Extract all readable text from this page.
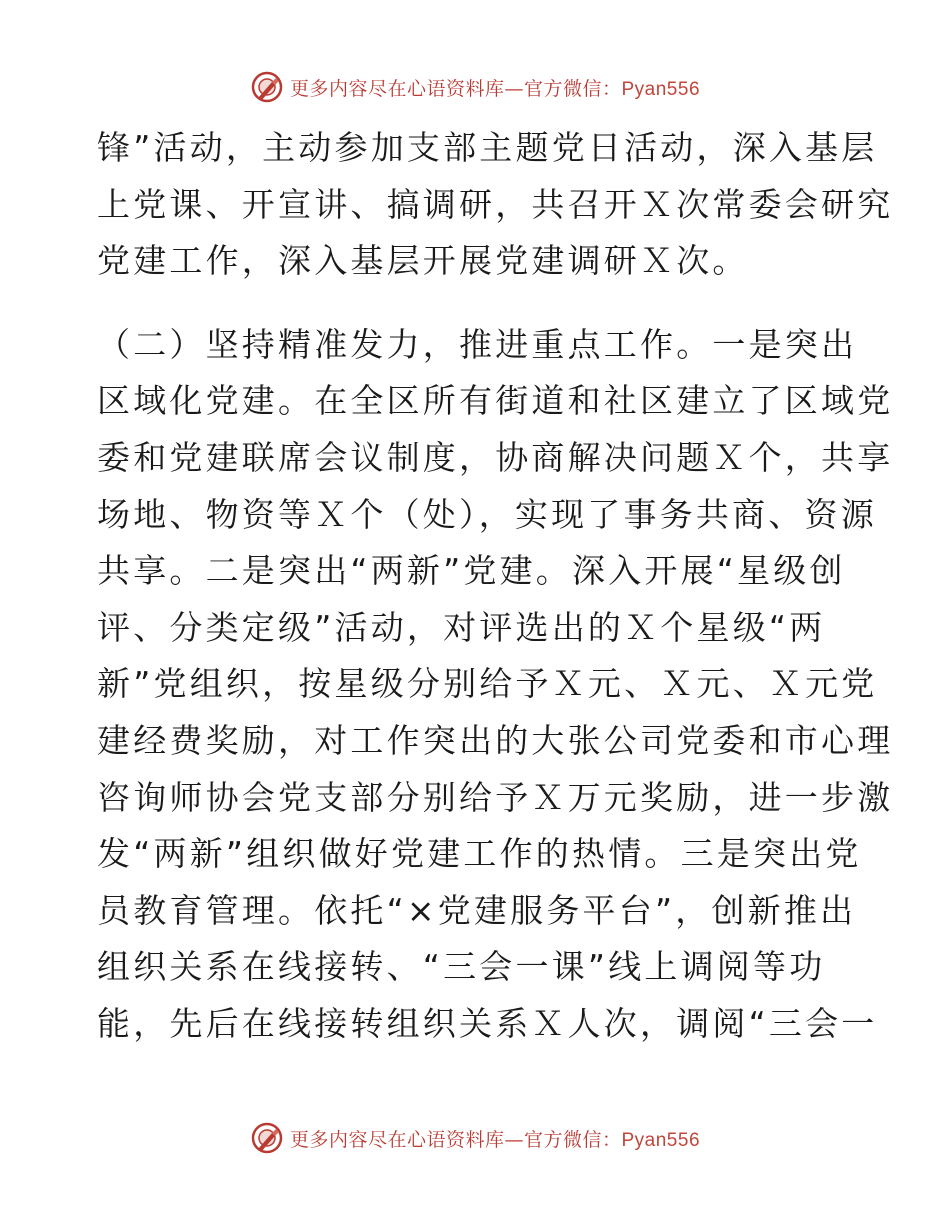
更多内容尽在心语资料库—官方微信：Pyan556

锋”活动，主动参加支部主题党日活动，深入基层
上党课、开宣讲、搞调研，共召开Ｘ次常委会研究
党建工作，深入基层开展党建调研Ｘ次。

（二）坚持精准发力，推进重点工作。一是突出
区域化党建。在全区所有街道和社区建立了区域党
委和党建联席会议制度，协商解决问题Ｘ个，共享
场地、物资等Ｘ个（处），实现了事务共商、资源
共享。二是突出“两新”党建。深入开展“星级创
评、分类定级”活动，对评选出的Ｘ个星级“两
新”党组织，按星级分别给予Ｘ元、Ｘ元、Ｘ元党
建经费奖励，对工作突出的大张公司党委和市心理
咨询师协会党支部分别给予Ｘ万元奖励，进一步激
发“两新”组织做好党建工作的热情。三是突出党
员教育管理。依托“×党建服务平台”，创新推出
组织关系在线接转、“三会一课”线上调阅等功
能，先后在线接转组织关系Ｘ人次，调阅“三会一

更多内容尽在心语资料库—官方微信：Pyan556
